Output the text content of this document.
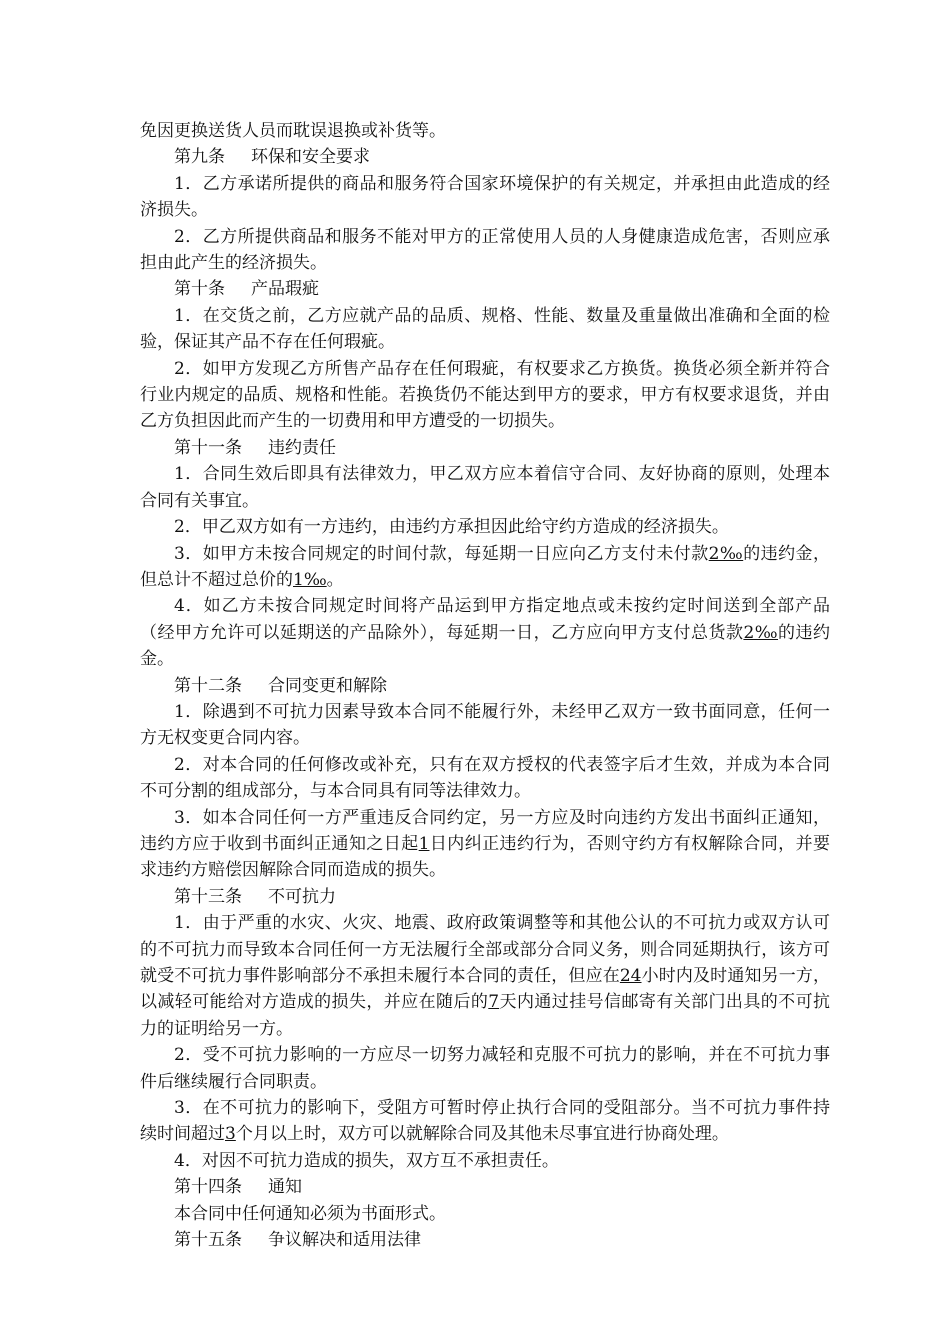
免因更换送货人员而耽误退换或补货等。

第九条 环保和安全要求

1．乙方承诺所提供的商品和服务符合国家环境保护的有关规定，并承担由此造成的经济损失。

2．乙方所提供商品和服务不能对甲方的正常使用人员的人身健康造成危害，否则应承担由此产生的经济损失。

第十条 产品瑕疵

1．在交货之前，乙方应就产品的品质、规格、性能、数量及重量做出准确和全面的检验，保证其产品不存在任何瑕疵。

2．如甲方发现乙方所售产品存在任何瑕疵，有权要求乙方换货。换货必须全新并符合行业内规定的品质、规格和性能。若换货仍不能达到甲方的要求，甲方有权要求退货，并由乙方负担因此而产生的一切费用和甲方遭受的一切损失。

第十一条 违约责任

1．合同生效后即具有法律效力，甲乙双方应本着信守合同、友好协商的原则，处理本合同有关事宜。

2．甲乙双方如有一方违约，由违约方承担因此给守约方造成的经济损失。

3．如甲方未按合同规定的时间付款，每延期一日应向乙方支付未付款2‰的违约金，但总计不超过总价的1‰。

4．如乙方未按合同规定时间将产品运到甲方指定地点或未按约定时间送到全部产品（经甲方允许可以延期送的产品除外），每延期一日，乙方应向甲方支付总货款2‰的违约金。

第十二条 合同变更和解除

1．除遇到不可抗力因素导致本合同不能履行外，未经甲乙双方一致书面同意，任何一方无权变更合同内容。

2．对本合同的任何修改或补充，只有在双方授权的代表签字后才生效，并成为本合同不可分割的组成部分，与本合同具有同等法律效力。

3．如本合同任何一方严重违反合同约定，另一方应及时向违约方发出书面纠正通知，违约方应于收到书面纠正通知之日起1日内纠正违约行为，否则守约方有权解除合同，并要求违约方赔偿因解除合同而造成的损失。

第十三条 不可抗力

1．由于严重的水灾、火灾、地震、政府政策调整等和其他公认的不可抗力或双方认可的不可抗力而导致本合同任何一方无法履行全部或部分合同义务，则合同延期执行，该方可就受不可抗力事件影响部分不承担未履行本合同的责任，但应在24小时内及时通知另一方，以减轻可能给对方造成的损失，并应在随后的7天内通过挂号信邮寄有关部门出具的不可抗力的证明给另一方。

2．受不可抗力影响的一方应尽一切努力减轻和克服不可抗力的影响，并在不可抗力事件后继续履行合同职责。

3．在不可抗力的影响下，受阻方可暂时停止执行合同的受阻部分。当不可抗力事件持续时间超过3个月以上时，双方可以就解除合同及其他未尽事宜进行协商处理。

4．对因不可抗力造成的损失，双方互不承担责任。

第十四条 通知

本合同中任何通知必须为书面形式。

第十五条 争议解决和适用法律
